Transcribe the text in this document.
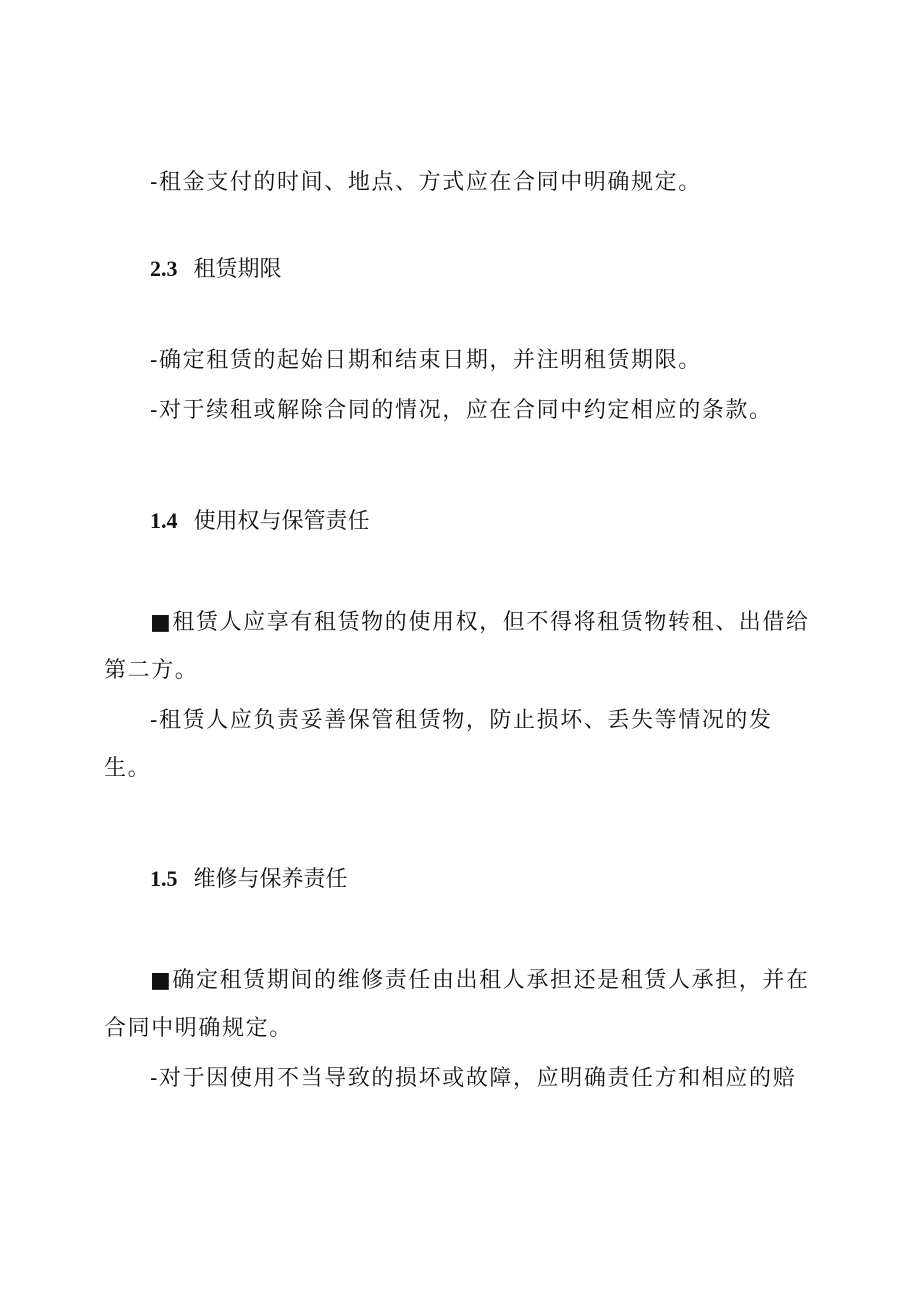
-租金支付的时间、地点、方式应在合同中明确规定。
2.3 租赁期限
-确定租赁的起始日期和结束日期，并注明租赁期限。
-对于续租或解除合同的情况，应在合同中约定相应的条款。
1.4 使用权与保管责任
■租赁人应享有租赁物的使用权，但不得将租赁物转租、出借给
第二方。
-租赁人应负责妥善保管租赁物，防止损坏、丢失等情况的发
生。
1.5 维修与保养责任
■确定租赁期间的维修责任由出租人承担还是租赁人承担，并在
合同中明确规定。
-对于因使用不当导致的损坏或故障，应明确责任方和相应的赔
